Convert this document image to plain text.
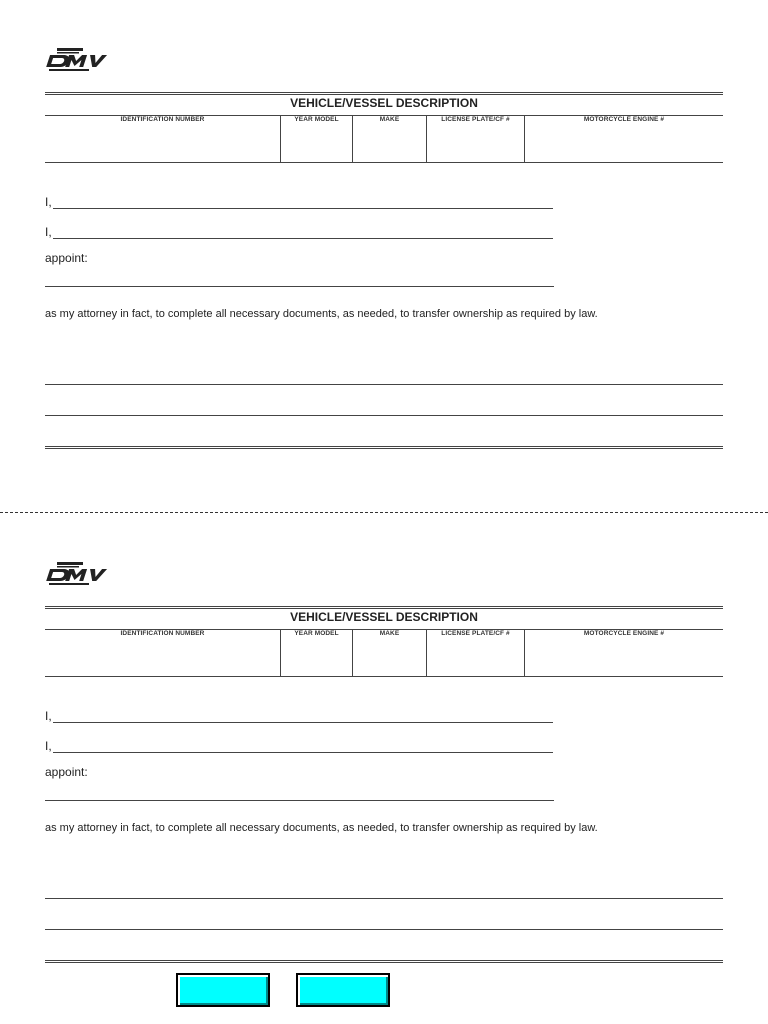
VEHICLE/VESSEL DESCRIPTION
IDENTIFICATION NUMBER	YEAR MODEL	MAKE	LICENSE PLATE/CF #	MOTORCYCLE ENGINE #
I,
I,
appoint:
as my attorney in fact, to complete all necessary documents, as needed, to transfer ownership as required by law.
VEHICLE/VESSEL DESCRIPTION
IDENTIFICATION NUMBER	YEAR MODEL	MAKE	LICENSE PLATE/CF #	MOTORCYCLE ENGINE #
I,
I,
appoint:
as my attorney in fact, to complete all necessary documents, as needed, to transfer ownership as required by law.
